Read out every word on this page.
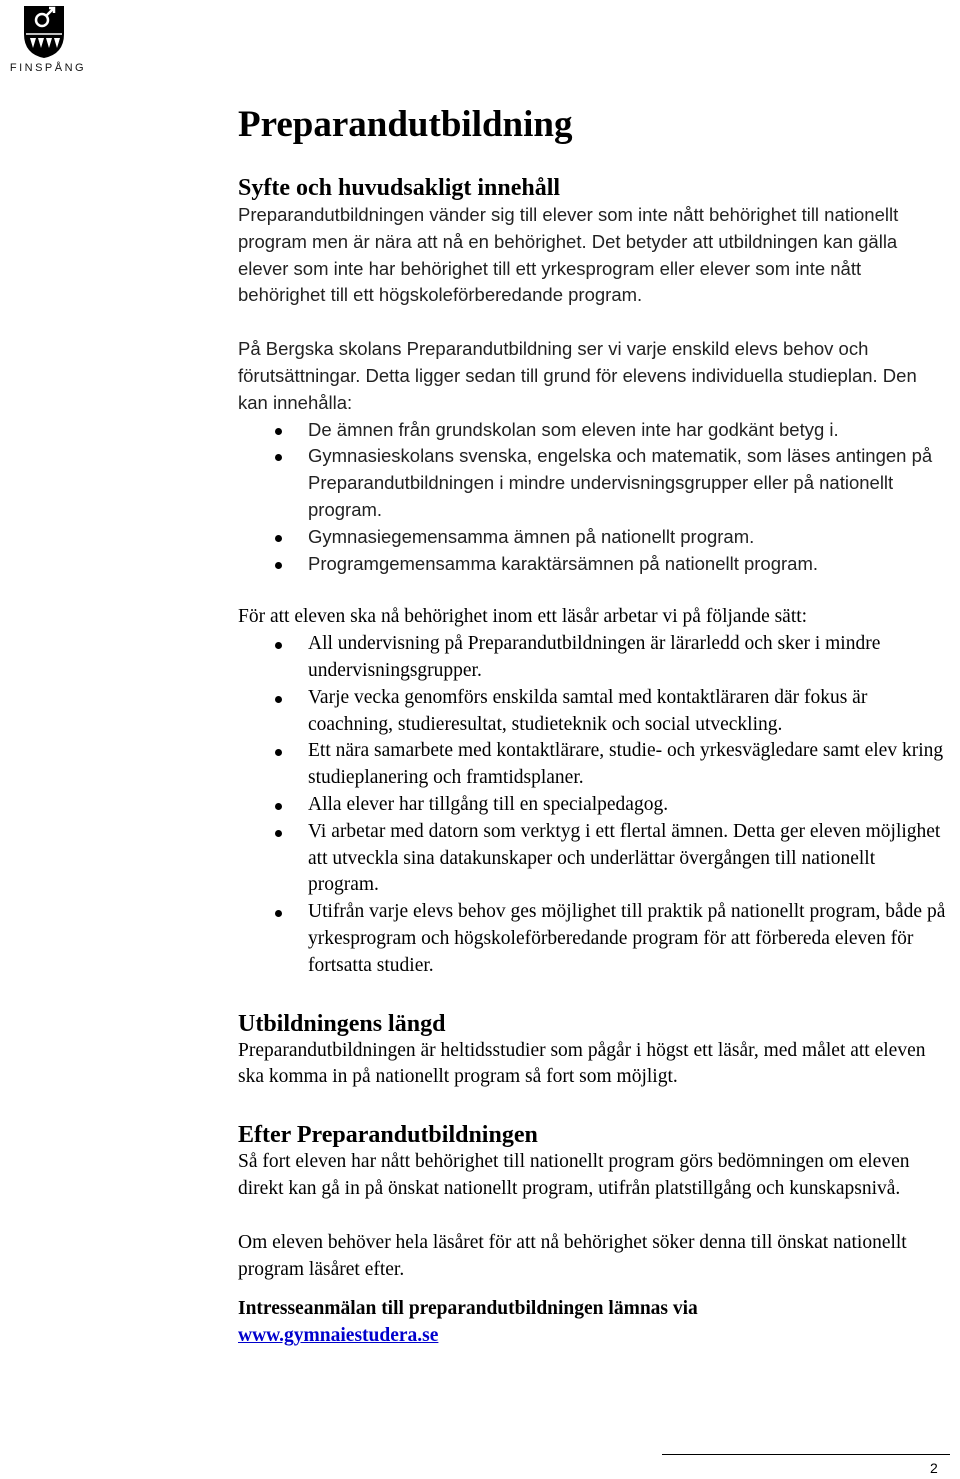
FINSPÅNG
Preparandutbildning
Syfte och huvudsakligt innehåll

Preparandutbildningen vänder sig till elever som inte nått behörighet till nationellt program men är nära att nå en behörighet. Det betyder att utbildningen kan gälla elever som inte har behörighet till ett yrkesprogram eller elever som inte nått behörighet till ett högskoleförberedande program.

På Bergska skolans Preparandutbildning ser vi varje enskild elevs behov och förutsättningar. Detta ligger sedan till grund för elevens individuella studieplan. Den kan innehålla:

De ämnen från grundskolan som eleven inte har godkänt betyg i.
Gymnasieskolans svenska, engelska och matematik, som läses antingen på Preparandutbildningen i mindre undervisningsgrupper eller på nationellt program.
Gymnasiegemensamma ämnen på nationellt program.
Programgemensamma karaktärsämnen på nationellt program.

För att eleven ska nå behörighet inom ett läsår arbetar vi på följande sätt:

All undervisning på Preparandutbildningen är lärarledd och sker i mindre undervisningsgrupper.
Varje vecka genomförs enskilda samtal med kontaktläraren där fokus är coachning, studieresultat, studieteknik och social utveckling.
Ett nära samarbete med kontaktlärare, studie- och yrkesvägledare samt elev kring studieplanering och framtidsplaner.
Alla elever har tillgång till en specialpedagog.
Vi arbetar med datorn som verktyg i ett flertal ämnen. Detta ger eleven möjlighet att utveckla sina datakunskaper och underlättar övergången till nationellt program.
Utifrån varje elevs behov ges möjlighet till praktik på nationellt program, både på yrkesprogram och högskoleförberedande program för att förbereda eleven för fortsatta studier.
Utbildningens längd

Preparandutbildningen är heltidsstudier som pågår i högst ett läsår, med målet att eleven ska komma in på nationellt program så fort som möjligt.

Efter Preparandutbildningen

Så fort eleven har nått behörighet till nationellt program görs bedömningen om eleven direkt kan gå in på önskat nationellt program, utifrån platstillgång och kunskapsnivå.

Om eleven behöver hela läsåret för att nå behörighet söker denna till önskat nationellt program läsåret efter.

Intresseanmälan till preparandutbildningen lämnas via

www.gymnaiestudera.se

2
